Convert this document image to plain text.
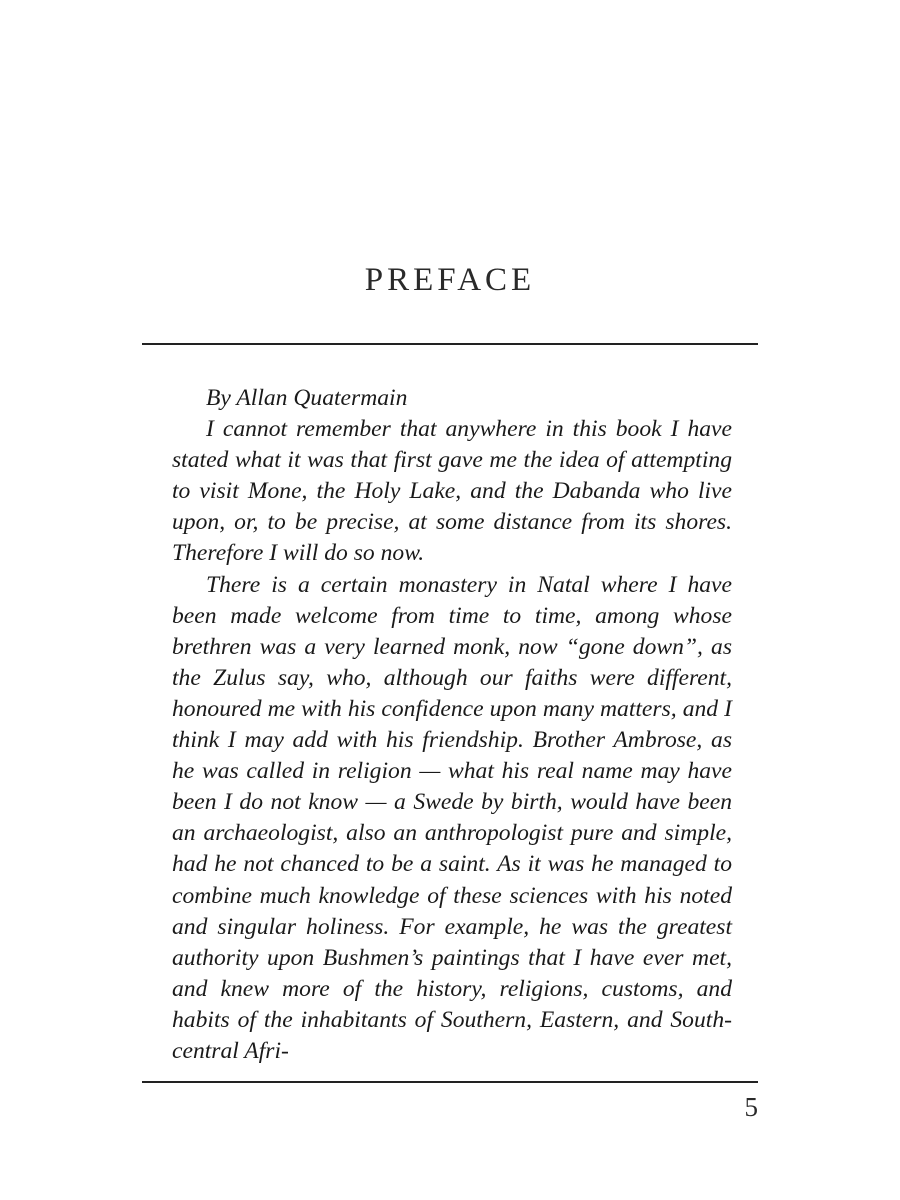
PREFACE

By Allan Quatermain

I cannot remember that anywhere in this book I have stated what it was that first gave me the idea of attempting to visit Mone, the Holy Lake, and the Dabanda who live upon, or, to be precise, at some distance from its shores. Therefore I will do so now.

There is a certain monastery in Natal where I have been made welcome from time to time, among whose brethren was a very learned monk, now “gone down”, as the Zulus say, who, although our faiths were different, honoured me with his confidence upon many matters, and I think I may add with his friendship. Brother Ambrose, as he was called in religion — what his real name may have been I do not know — a Swede by birth, would have been an archaeologist, also an anthropologist pure and simple, had he not chanced to be a saint. As it was he managed to combine much knowledge of these sciences with his noted and singular holiness. For example, he was the greatest authority upon Bushmen’s paintings that I have ever met, and knew more of the history, religions, customs, and habits of the inhabitants of Southern, Eastern, and South-central Afri-

5
